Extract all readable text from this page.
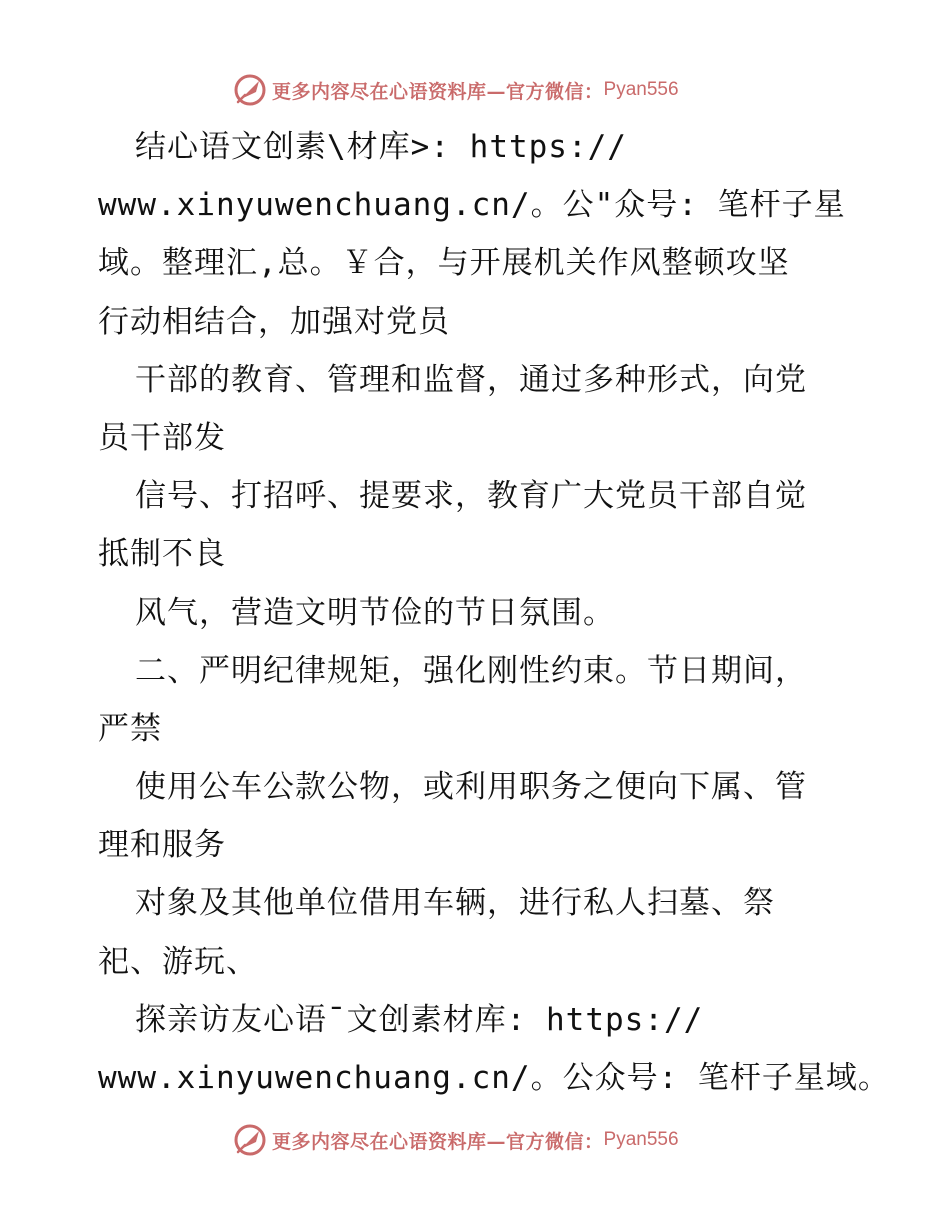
更多内容尽在心语资料库—官方微信： Pyan556
结心语文创素\材库>: https://
www.xinyuwenchuang.cn/。公"众号: 笔杆子星
域。整理汇,总。￥合，与开展机关作风整顿攻坚
行动相结合，加强对党员
干部的教育、管理和监督，通过多种形式，向党
员干部发
信号、打招呼、提要求，教育广大党员干部自觉
抵制不良
风气，营造文明节俭的节日氛围。
二、严明纪律规矩，强化刚性约束。节日期间，
严禁
使用公车公款公物，或利用职务之便向下属、管
理和服务
对象及其他单位借用车辆，进行私人扫墓、祭
祀、游玩、
探亲访友心语¯文创素材库: https://
www.xinyuwenchuang.cn/。公众号: 笔杆子星域。
更多内容尽在心语资料库—官方微信： Pyan556
